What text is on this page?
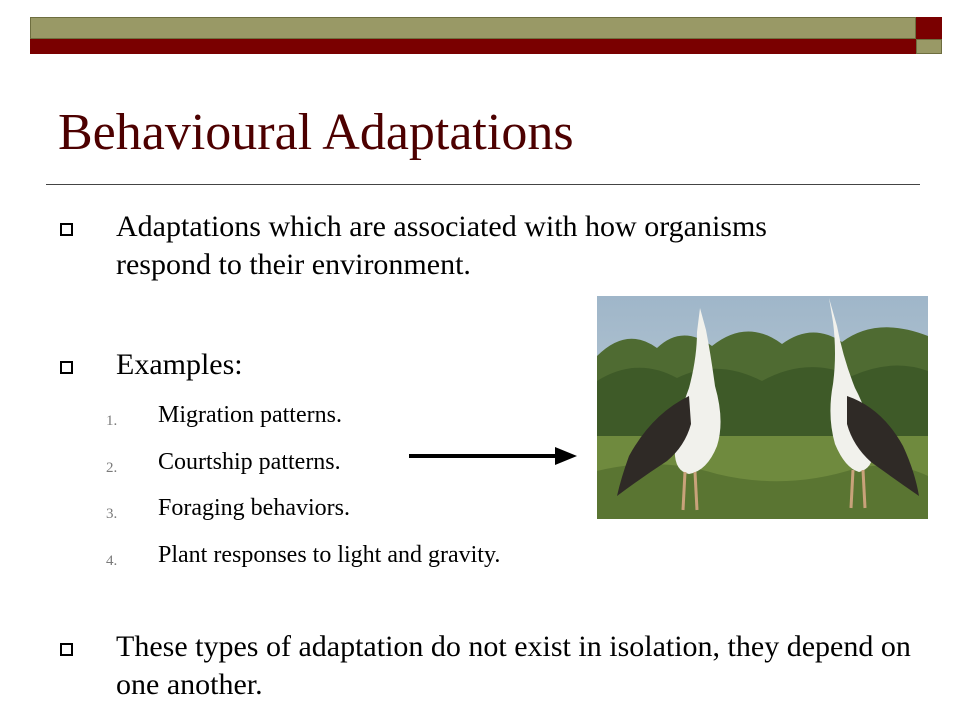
Behavioural Adaptations
Adaptations which are associated with how organisms respond to their environment.
Examples:
1. Migration patterns.
2. Courtship patterns.
3. Foraging behaviors.
4. Plant responses to light and gravity.
These types of adaptation do not exist in isolation, they depend on one another.
